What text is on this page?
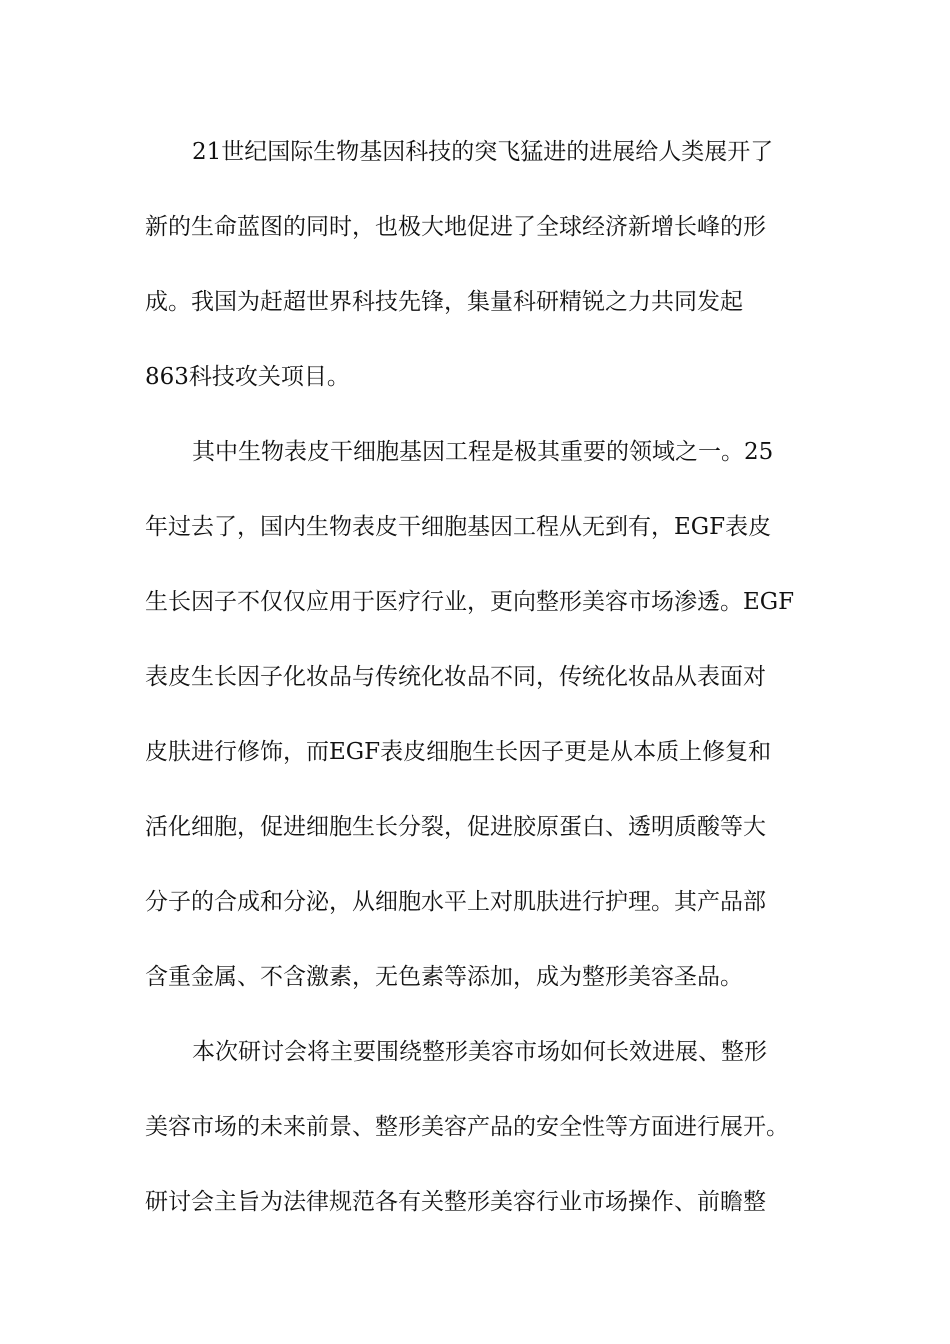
21世纪国际生物基因科技的突飞猛进的进展给人类展开了

新的生命蓝图的同时，也极大地促进了全球经济新增长峰的形

成。我国为赶超世界科技先锋，集量科研精锐之力共同发起

863科技攻关项目。

其中生物表皮干细胞基因工程是极其重要的领域之一。25

年过去了，国内生物表皮干细胞基因工程从无到有，EGF表皮

生长因子不仅仅应用于医疗行业，更向整形美容市场渗透。EGF

表皮生长因子化妆品与传统化妆品不同，传统化妆品从表面对

皮肤进行修饰，而EGF表皮细胞生长因子更是从本质上修复和

活化细胞，促进细胞生长分裂，促进胶原蛋白、透明质酸等大

分子的合成和分泌，从细胞水平上对肌肤进行护理。其产品部

含重金属、不含激素，无色素等添加，成为整形美容圣品。

本次研讨会将主要围绕整形美容市场如何长效进展、整形

美容市场的未来前景、整形美容产品的安全性等方面进行展开。

研讨会主旨为法律规范各有关整形美容行业市场操作、前瞻整
